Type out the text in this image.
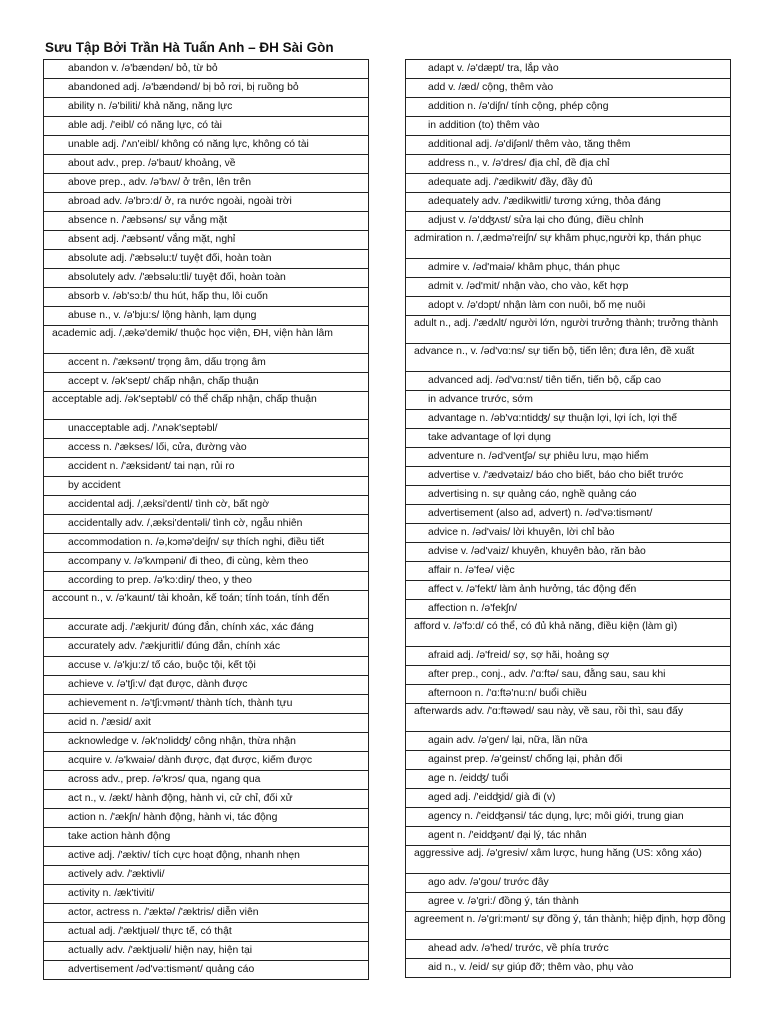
Sưu Tập Bởi Trần Hà Tuấn Anh – ĐH Sài Gòn
abandon v. /ə'bændən/ bỏ, từ bỏ
abandoned adj. /ə'bændənd/ bị bỏ rơi, bị ruồng bỏ
ability n. /ə'biliti/ khả năng, năng lực
able adj. /'eibl/ có năng lực, có tài
unable adj. /'ʌn'eibl/ không có năng lực, không có tài
about adv., prep. /ə'baut/ khoảng, về
above prep., adv. /ə'bʌv/ ở trên, lên trên
abroad adv. /ə'brɔ:d/ ở, ra nước ngoài, ngoài trời
absence n. /'æbsəns/ sự vắng mặt
absent adj. /'æbsənt/ vắng mặt, nghỉ
absolute adj. /'æbsəlu:t/ tuyệt đối, hoàn toàn
absolutely adv. /'æbsəlu:tli/ tuyệt đối, hoàn toàn
absorb v. /əb'sɔ:b/ thu hút, hấp thu, lôi cuốn
abuse n., v. /ə'bju:s/ lộng hành, lạm dụng
academic adj. /,ækə'demik/ thuộc học viện, ĐH, viện hàn lâm
accent n. /'æksənt/ trọng âm, dấu trọng âm
accept v. /ək'sept/ chấp nhận, chấp thuận
acceptable adj. /ək'septəbl/ có thể chấp nhận, chấp thuận
unacceptable adj. /'ʌnək'septəbl/
access n. /'ækses/ lối, cửa, đường vào
accident n. /'æksidənt/ tai nạn, rủi ro
by accident
accidental adj. /,æksi'dentl/ tình cờ, bất ngờ
accidentally adv. /,æksi'dentəli/ tình cờ, ngẫu nhiên
accommodation n. /ə,kɔmə'deiʃn/ sự thích nghi, điều tiết
accompany v. /ə'kʌmpəni/ đi theo, đi cùng, kèm theo
according to prep. /ə'kɔ:diŋ/ theo, y theo
account n., v. /ə'kaunt/ tài khoản, kế toán; tính toán, tính đến
accurate adj. /'ækjurit/ đúng đắn, chính xác, xác đáng
accurately adv. /'ækjuritli/ đúng đắn, chính xác
accuse v. /ə'kju:z/ tố cáo, buộc tội, kết tội
achieve v. /ə'tʃi:v/ đạt được, dành được
achievement n. /ə'tʃi:vmənt/ thành tích, thành tựu
acid n. /'æsid/ axit
acknowledge v. /ək'nɔlidʤ/ công nhận, thừa nhận
acquire v. /ə'kwaiə/ dành được, đạt được, kiếm được
across adv., prep. /ə'krɔs/ qua, ngang qua
act n., v. /ækt/ hành động, hành vi, cử chỉ, đối xử
action n. /'ækʃn/ hành động, hành vi, tác động
take action hành động
active adj. /'æktiv/ tích cực hoạt động, nhanh nhẹn
actively adv. /'æktivli/
activity n. /æk'tiviti/
actor, actress n. /'æktə/ /'æktris/ diễn viên
actual adj. /'æktjuəl/ thực tế, có thật
actually adv. /'æktjuəli/ hiện nay, hiện tại
advertisement /əd'və:tismənt/ quảng cáo
adapt v. /ə'dæpt/ tra, lắp vào
add v. /æd/ cộng, thêm vào
addition n. /ə'diʃn/ tính cộng, phép cộng
in addition (to) thêm vào
additional adj. /ə'diʃənl/ thêm vào, tăng thêm
address n., v. /ə'dres/ địa chỉ, đề địa chỉ
adequate adj. /'ædikwit/ đầy, đầy đủ
adequately adv. /'ædikwitli/ tương xứng, thỏa đáng
adjust v. /ə'dʤʌst/ sửa lại cho đúng, điều chỉnh
admiration n. /,ædmə'reiʃn/ sự khâm phục,người kp, thán phục
admire v. /əd'maiə/ khâm phục, thán phục
admit v. /əd'mit/ nhận vào, cho vào, kết hợp
adopt v. /ə'dɔpt/ nhận làm con nuôi, bố mẹ nuôi
adult n., adj. /'ædʌlt/ người lớn, người trưởng thành; trưởng thành
advance n., v. /əd'vɑ:ns/ sự tiến bộ, tiến lên; đưa lên, đề xuất
advanced adj. /əd'vɑ:nst/ tiên tiến, tiến bộ, cấp cao
in advance trước, sớm
advantage n. /əb'vɑ:ntidʤ/ sự thuận lợi, lợi ích, lợi thế
take advantage of lợi dụng
adventure n. /əd'ventʃə/ sự phiêu lưu, mạo hiểm
advertise v. /'ædvətaiz/ báo cho biết, báo cho biết trước
advertising n. sự quảng cáo, nghề quảng cáo
advertisement (also ad, advert) n. /əd'və:tismənt/
advice n. /əd'vais/ lời khuyên, lời chỉ bảo
advise v. /əd'vaiz/ khuyên, khuyên bảo, răn bảo
affair n. /ə'feə/ việc
affect v. /ə'fekt/ làm ảnh hưởng, tác động đến
affection n. /ə'fekʃn/
afford v. /ə'fɔ:d/ có thể, có đủ khả năng, điều kiện (làm gì)
afraid adj. /ə'freid/ sợ, sợ hãi, hoảng sợ
after prep., conj., adv. /'ɑ:ftə/ sau, đằng sau, sau khi
afternoon n. /'ɑ:ftə'nu:n/ buổi chiều
afterwards adv. /'ɑ:ftəwəd/ sau này, về sau, rồi thì, sau đấy
again adv. /ə'gen/ lại, nữa, lần nữa
against prep. /ə'geinst/ chống lại, phản đối
age n. /eidʤ/ tuổi
aged adj. /'eidʤid/ già đi (v)
agency n. /'eidʤənsi/ tác dụng, lực; môi giới, trung gian
agent n. /'eidʤənt/ đại lý, tác nhân
aggressive adj. /ə'gresiv/ xâm lược, hung hăng (US: xông xáo)
ago adv. /ə'gou/ trước đây
agree v. /ə'gri:/ đồng ý, tán thành
agreement n. /ə'gri:mənt/ sự đồng ý, tán thành; hiệp định, hợp đồng
ahead adv. /ə'hed/ trước, về phía trước
aid n., v. /eid/ sự giúp đỡ; thêm vào, phụ vào
